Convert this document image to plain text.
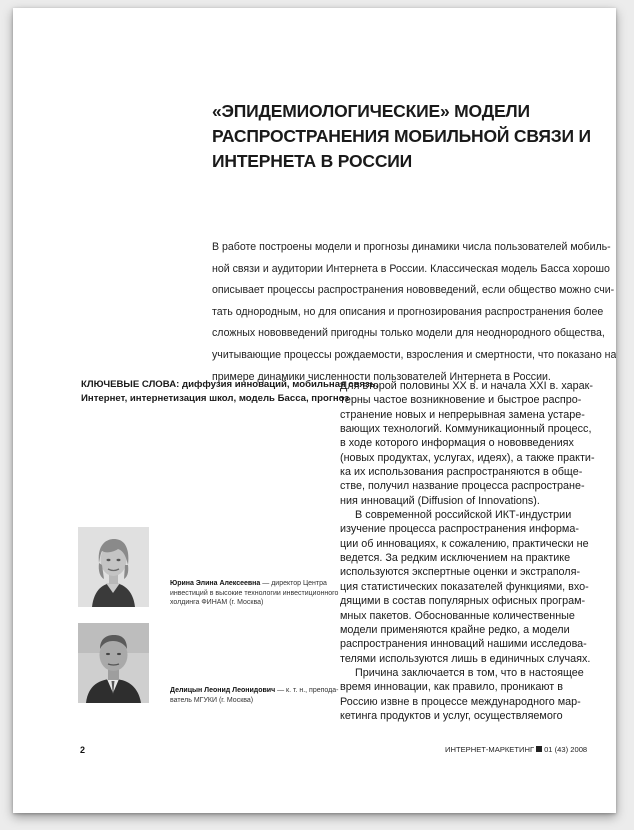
«ЭПИДЕМИОЛОГИЧЕСКИЕ» МОДЕЛИ
РАСПРОСТРАНЕНИЯ МОБИЛЬНОЙ СВЯЗИ И
ИНТЕРНЕТА В РОССИИ

В работе построены модели и прогнозы динамики числа пользователей мобиль-
ной связи и аудитории Интернета в России. Классическая модель Басса хорошо
описывает процессы распространения нововведений, если общество можно счи-
тать однородным, но для описания и прогнозирования распространения более
сложных нововведений пригодны только модели для неоднородного общества,
учитывающие процессы рождаемости, взросления и смертности, что показано на
примере динамики численности пользователей Интернета в России.

КЛЮЧЕВЫЕ СЛОВА: диффузия инноваций, мобильная связь,
Интернет, интернетизация школ, модель Басса, прогноз

Для второй половины XX в. и начала XXI в. харак-
терны частое возникновение и быстрое распро-
странение новых и непрерывная замена устаре-
вающих технологий. Коммуникационный процесс,
в ходе которого информация о нововведениях
(новых продуктах, услугах, идеях), а также практи-
ка их использования распространяются в обще-
стве, получил название процесса распростране-
ния инноваций (Diffusion of Innovations).
В современной российской ИКТ-индустрии
изучение процесса распространения информа-
ции об инновациях, к сожалению, практически не
ведется. За редким исключением на практике
используются экспертные оценки и экстраполя-
ция статистических показателей функциями, вхо-
дящими в состав популярных офисных програм-
мных пакетов. Обоснованные количественные
модели применяются крайне редко, а модели
распространения инноваций нашими исследова-
телями используются лишь в единичных случаях.
Причина заключается в том, что в настоящее
время инновации, как правило, проникают в
Россию извне в процессе международного мар-
кетинга продуктов и услуг, осуществляемого

Юрина Элина Алексеевна — директор Центра
инвестиций в высокие технологии инвестиционного
холдинга ФИНАМ (г. Москва)
Делицын Леонид Леонидович — к. т. н., препода-
ватель МГУКИ (г. Москва)
2	ИНТЕРНЕТ-МАРКЕТИНГ 01 (43) 2008
